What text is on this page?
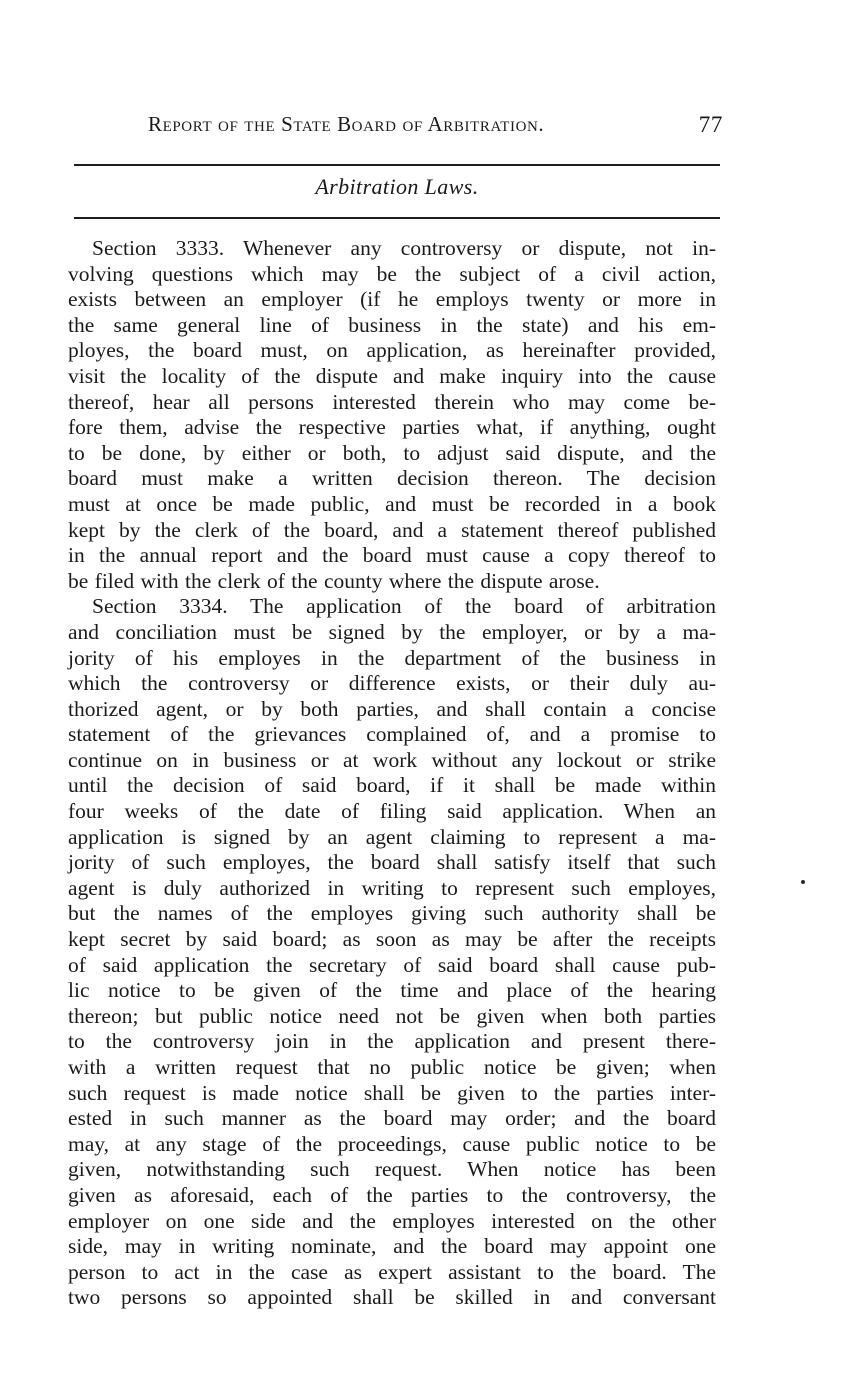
Report of the State Board of Arbitration.	77
Arbitration Laws.
Section 3333. Whenever any controversy or dispute, not in-
volving questions which may be the subject of a civil action,
exists between an employer (if he employs twenty or more in
the same general line of business in the state) and his em-
ployes, the board must, on application, as hereinafter provided,
visit the locality of the dispute and make inquiry into the cause
thereof, hear all persons interested therein who may come be-
fore them, advise the respective parties what, if anything, ought
to be done, by either or both, to adjust said dispute, and the
board must make a written decision thereon. The decision
must at once be made public, and must be recorded in a book
kept by the clerk of the board, and a statement thereof published
in the annual report and the board must cause a copy thereof to
be filed with the clerk of the county where the dispute arose.
Section 3334. The application of the board of arbitration
and conciliation must be signed by the employer, or by a ma-
jority of his employes in the department of the business in
which the controversy or difference exists, or their duly au-
thorized agent, or by both parties, and shall contain a concise
statement of the grievances complained of, and a promise to
continue on in business or at work without any lockout or strike
until the decision of said board, if it shall be made within
four weeks of the date of filing said application. When an
application is signed by an agent claiming to represent a ma-
jority of such employes, the board shall satisfy itself that such
agent is duly authorized in writing to represent such employes,
but the names of the employes giving such authority shall be
kept secret by said board; as soon as may be after the receipts
of said application the secretary of said board shall cause pub-
lic notice to be given of the time and place of the hearing
thereon; but public notice need not be given when both parties
to the controversy join in the application and present there-
with a written request that no public notice be given; when
such request is made notice shall be given to the parties inter-
ested in such manner as the board may order; and the board
may, at any stage of the proceedings, cause public notice to be
given, notwithstanding such request. When notice has been
given as aforesaid, each of the parties to the controversy, the
employer on one side and the employes interested on the other
side, may in writing nominate, and the board may appoint one
person to act in the case as expert assistant to the board. The
two persons so appointed shall be skilled in and conversant
